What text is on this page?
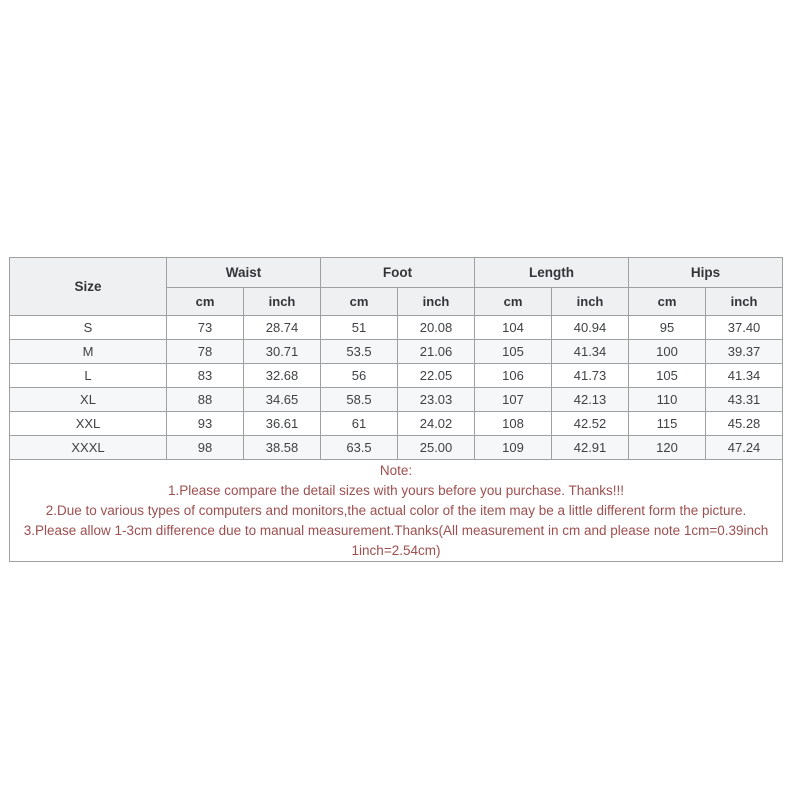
Size	Waist		Foot		Length		Hips	
	cm	inch	cm	inch	cm	inch	cm	inch
S	73	28.74	51	20.08	104	40.94	95	37.40
M	78	30.71	53.5	21.06	105	41.34	100	39.37
L	83	32.68	56	22.05	106	41.73	105	41.34
XL	88	34.65	58.5	23.03	107	42.13	110	43.31
XXL	93	36.61	61	24.02	108	42.52	115	45.28
XXXL	98	38.58	63.5	25.00	109	42.91	120	47.24

Note:
1.Please compare the detail sizes with yours before you purchase. Thanks!!!
2.Due to various types of computers and monitors,the actual color of the item may be a little different form the picture.
3.Please allow 1-3cm difference due to manual measurement.Thanks(All measurement in cm and please note 1cm=0.39inch 1inch=2.54cm)								
